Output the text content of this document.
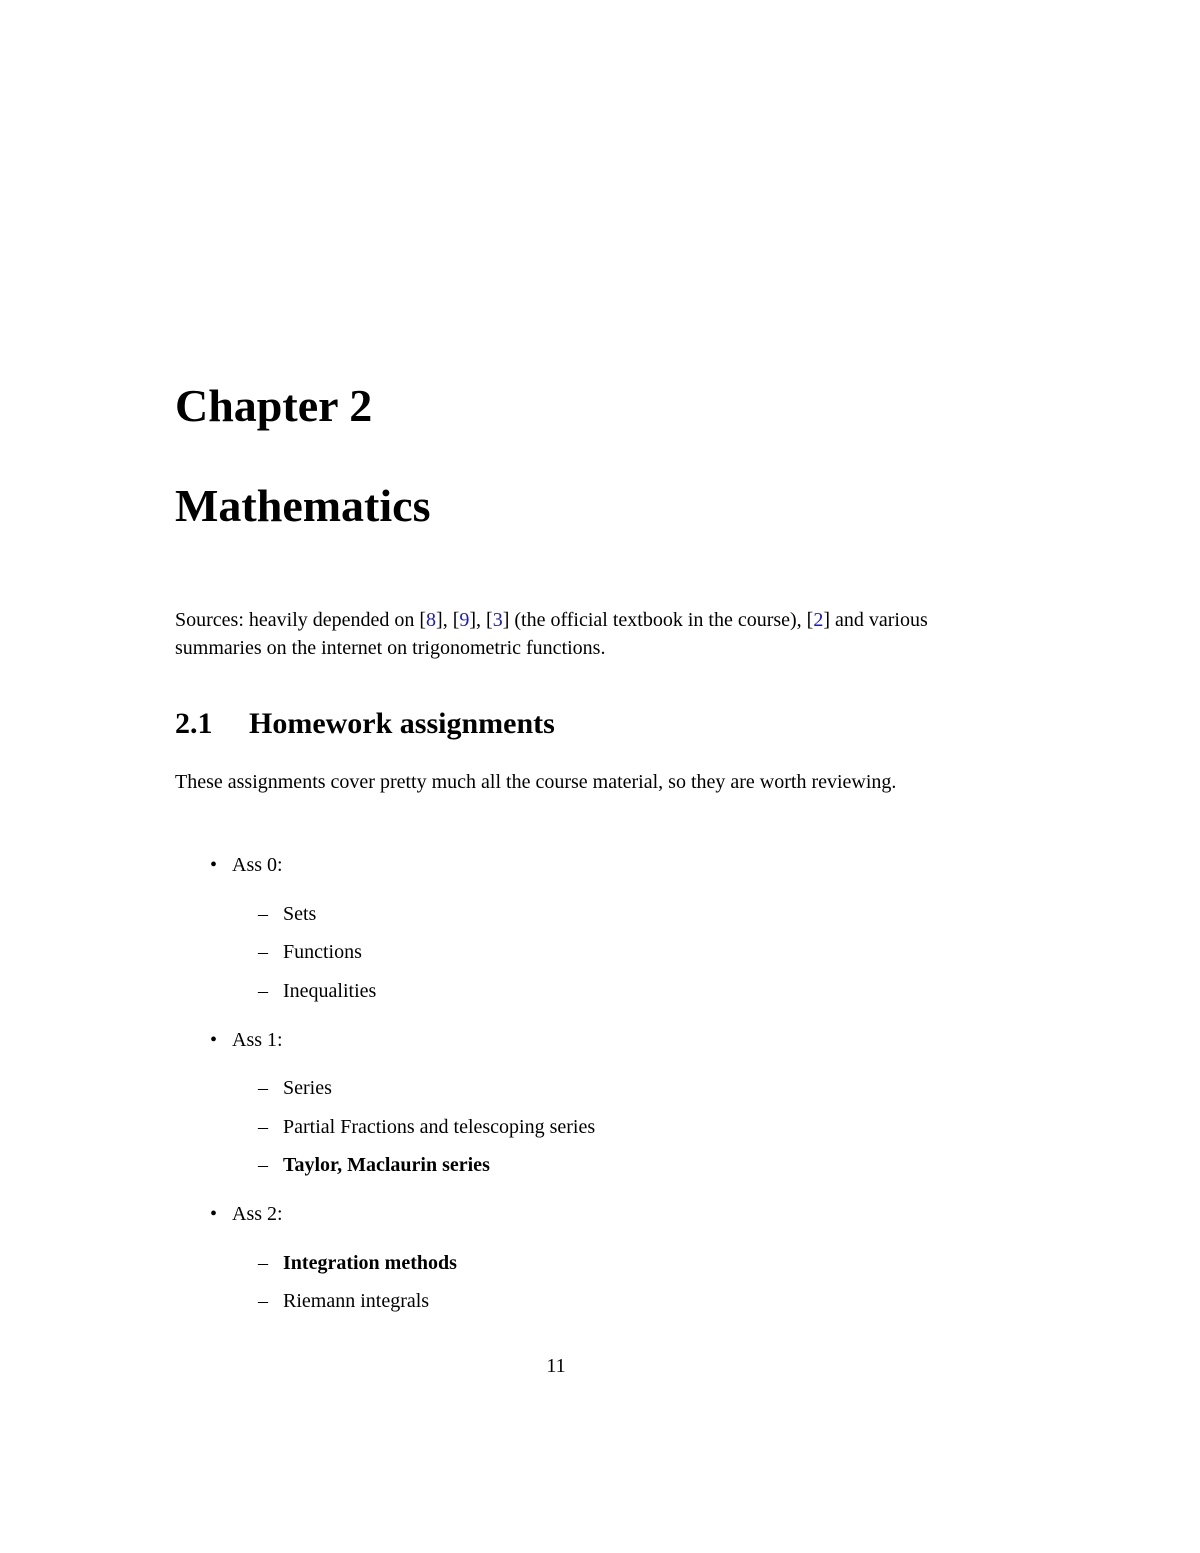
Chapter 2
Mathematics

Sources: heavily depended on [8], [9], [3] (the official textbook in the course), [2] and various summaries on the internet on trigonometric functions.

2.1 Homework assignments

These assignments cover pretty much all the course material, so they are worth reviewing.

• Ass 0:
– Sets
– Functions
– Inequalities
• Ass 1:
– Series
– Partial Fractions and telescoping series
– Taylor, Maclaurin series
• Ass 2:
– Integration methods
– Riemann integrals
11
